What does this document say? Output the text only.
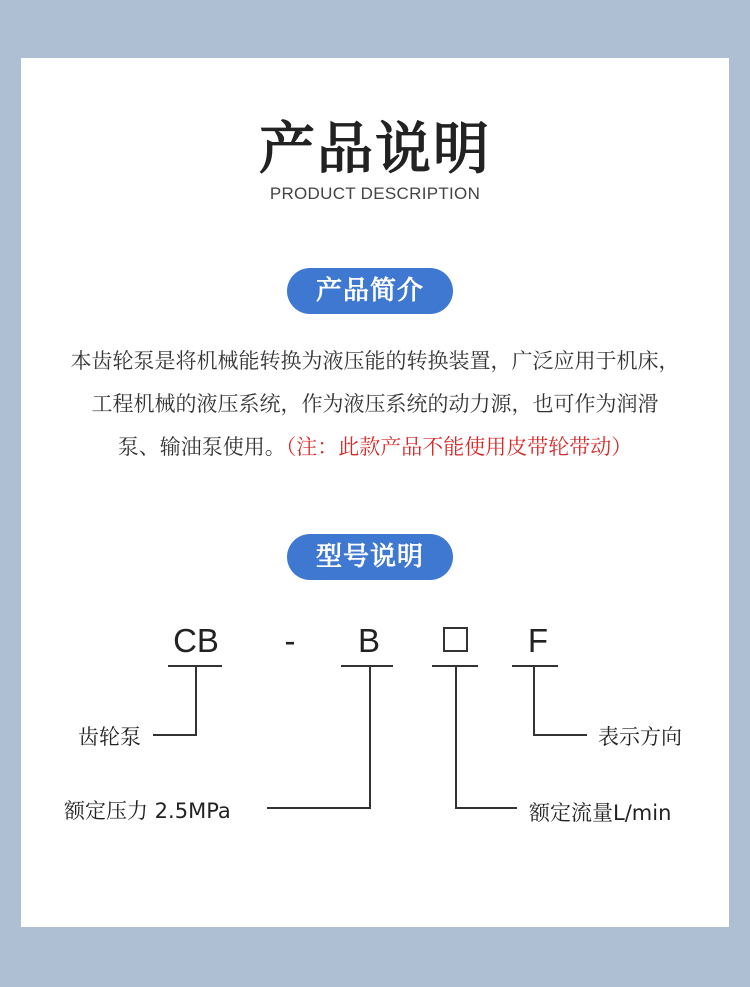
产品说明
PRODUCT DESCRIPTION
产品简介
本齿轮泵是将机械能转换为液压能的转换装置，广泛应用于机床，
工程机械的液压系统，作为液压系统的动力源，也可作为润滑
泵、输油泵使用。（注：此款产品不能使用皮带轮带动）
型号说明
CB - B	F
齿轮泵
额定压力 2.5MPa
表示方向
额定流量L/min
